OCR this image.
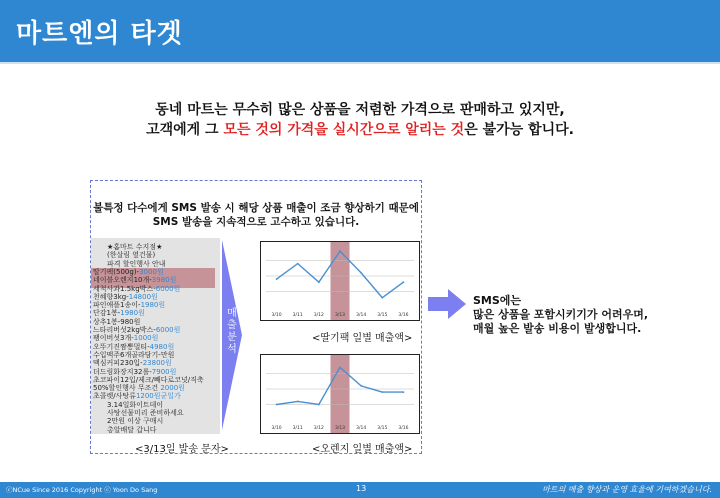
마트엔의 타겟
동네 마트는 무수히 많은 상품을 저렴한 가격으로 판매하고 있지만,
고객에게 그 모든 것의 가격을 실시간으로 알리는 것은 불가능 합니다.
불특정 다수에게 SMS 발송 시 해당 상품 매출이 조금 향상하기 때문에
SMS 발송을 지속적으로 고수하고 있습니다.
★홈마트 수지점★
(한살림 옆건물)
파격 할인행사 안내
딸기팩(500g)-3000원
네이블오렌지10개-3980원
세척사과1.5kg박스-6000원
천혜향3kg-14800원
파인애플1송이-1980원
단감1봉-1980원
상추1봉-980원
느타리버섯2kg박스-6000원
팽이버섯3개-1000원
오뚜기진짬뽕멀티-4980원
수입맥주6개골라담기-만원
맥심커피230입-23800원
더드림화장지32롤-7900원
초코파이12입/제크/빼다로코넛/직축
50%할인행사 무조건 2000원
초콜렛/사탕류1200원균일가
3.14일화이트데이
사탕선물미리 준비하세요
2만원 이상 구매시
총알배달 갑니다
<3/13일 발송 문자>
매
출
분
석
3/10 3/11 3/12 3/13 3/14 3/15 3/16
<딸기팩 일별 매출액>
3/10 3/11 3/12 3/13 3/14 3/15 3/16
<오렌지 일별 매출액>
SMS에는
많은 상품을 포함시키기가 어려우며,
매월 높은 발송 비용이 발생합니다.
ⓒNCue Since 2016 Copyright ⓒ Yoon Do Sang	13	마트의 매출 향상과 운영 효율에 기여하겠습니다.
